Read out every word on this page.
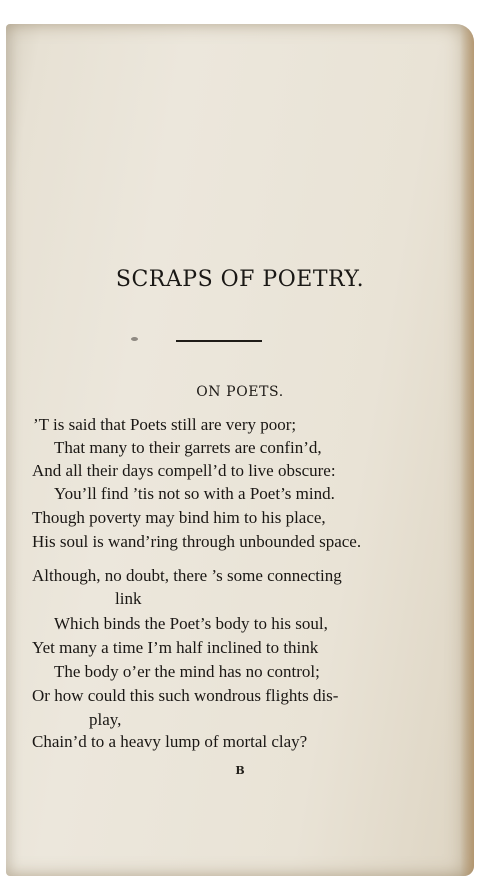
SCRAPS OF POETRY.
ON POETS.
’T is said that Poets still are very poor;
That many to their garrets are confin’d,
And all their days compell’d to live obscure:
You’ll find ’tis not so with a Poet’s mind.
Though poverty may bind him to his place,
His soul is wand’ring through unbounded space.
Although, no doubt, there ’s some connecting
link
Which binds the Poet’s body to his soul,
Yet many a time I’m half inclined to think
The body o’er the mind has no control;
Or how could this such wondrous flights dis-
play,
Chain’d to a heavy lump of mortal clay?
B
